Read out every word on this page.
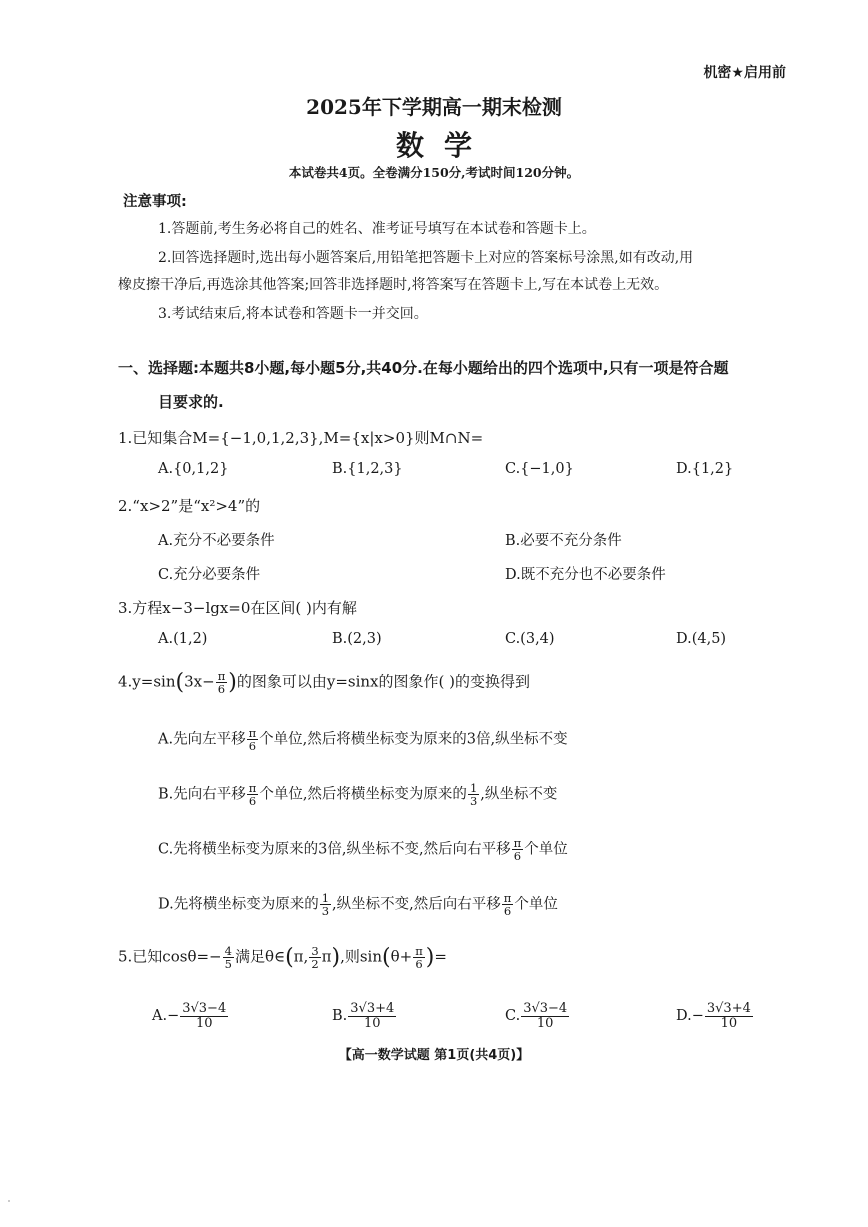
机密★启用前
2025年下学期高一期末检测
数学
本试卷共4页。全卷满分150分,考试时间120分钟。
注意事项:
1.答题前,考生务必将自己的姓名、准考证号填写在本试卷和答题卡上。
2.回答选择题时,选出每小题答案后,用铅笔把答题卡上对应的答案标号涂黑,如有改动,用
橡皮擦干净后,再选涂其他答案;回答非选择题时,将答案写在答题卡上,写在本试卷上无效。
3.考试结束后,将本试卷和答题卡一并交回。
一、选择题:本题共8小题,每小题5分,共40分.在每小题给出的四个选项中,只有一项是符合题
目要求的.
1.已知集合M={−1,0,1,2,3},M={x|x>0}则M∩N=
A.{0,1,2}	B.{1,2,3}	C.{−1,0}	D.{1,2}
2.“x>2”是“x²>4”的
A.充分不必要条件	B.必要不充分条件
C.充分必要条件	D.既不充分也不必要条件
3.方程x−3−lgx=0在区间( )内有解
A.(1,2)	B.(2,3)	C.(3,4)	D.(4,5)
$4.y=\sin(3x- \frac{\pi}{6}$ )的图象可以由y=sinx的图象作( )的变换得到
A.先向左平移 $\frac{\pi}{6}$ 个单位,然后将横坐标变为原来的3倍,纵坐标不变
B.先向右平移 $\frac{\pi}{6}$ 个单位,然后将横坐标变为原来的 $\frac{1}{3}$ ,纵坐标不变
C.先将横坐标变为原来的3倍,纵坐标不变,然后向右平移 $\frac{\pi}{6}$ 个单位
D.先将横坐标变为原来的 $\frac{1}{3}$ ,纵坐标不变,然后向右平移 $\frac{\pi}{6}$ 个单位
5.已知$\cos\theta=- \frac{4}{5}$ 满足θ∈(π, $\frac{3}{2} \pi$),则$\sin(\theta+ \frac{\pi}{6}$ )=
$A.- \frac{3√3-4}{10}$	B. $\frac{3√3+4}{10}$	C. $\frac{3√3-4}{10}$	$D.- \frac{3√3+4}{10}$
【高一数学试题 第1页(共4页)】
